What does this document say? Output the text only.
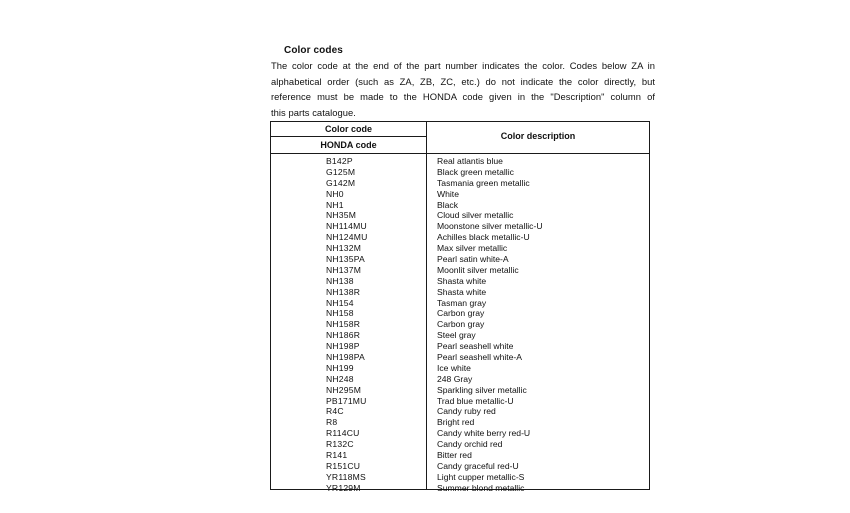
Color codes
The color code at the end of the part number indicates the color. Codes below ZA in
alphabetical order (such as ZA, ZB, ZC, etc.) do not indicate the color directly, but
reference must be made to the HONDA code given in the "Description" column of
this parts catalogue.
Color code
HONDA code
Color description
B142P	Real atlantis blue
G125M	Black green metallic
G142M	Tasmania green metallic
NH0	White
NH1	Black
NH35M	Cloud silver metallic
NH114MU	Moonstone silver metallic-U
NH124MU	Achilles black metallic-U
NH132M	Max silver metallic
NH135PA	Pearl satin white-A
NH137M	Moonlit silver metallic
NH138	Shasta white
NH138R	Shasta white
NH154	Tasman gray
NH158	Carbon gray
NH158R	Carbon gray
NH186R	Steel gray
NH198P	Pearl seashell white
NH198PA	Pearl seashell white-A
NH199	Ice white
NH248	248 Gray
NH295M	Sparkling silver metallic
PB171MU	Trad blue metallic-U
R4C	Candy ruby red
R8	Bright red
R114CU	Candy white berry red-U
R132C	Candy orchid red
R141	Bitter red
R151CU	Candy graceful red-U
YR118MS	Light cupper metallic-S
YR129M	Summer blond metallic
